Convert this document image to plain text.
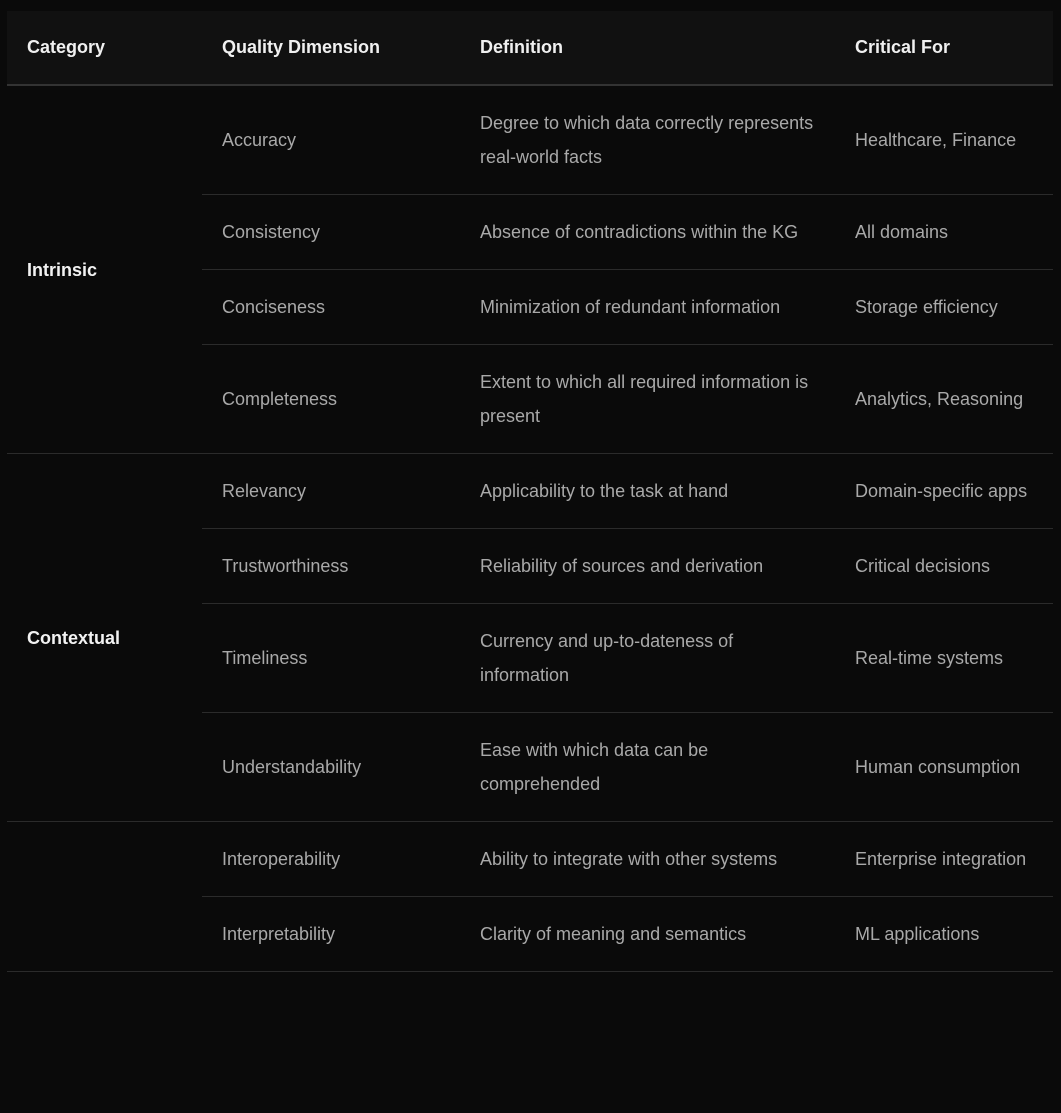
Category	Quality Dimension	Definition	Critical For
Intrinsic	Accuracy	Degree to which data correctly represents real-world facts	Healthcare, Finance
	Consistency	Absence of contradictions within the KG	All domains
	Conciseness	Minimization of redundant information	Storage efficiency
	Completeness	Extent to which all required information is present	Analytics, Reasoning
Contextual	Relevancy	Applicability to the task at hand	Domain-specific apps
	Trustworthiness	Reliability of sources and derivation	Critical decisions
	Timeliness	Currency and up-to-dateness of information	Real-time systems
	Understandability	Ease with which data can be comprehended	Human consumption
	Interoperability	Ability to integrate with other systems	Enterprise integration
	Interpretability	Clarity of meaning and semantics	ML applications
